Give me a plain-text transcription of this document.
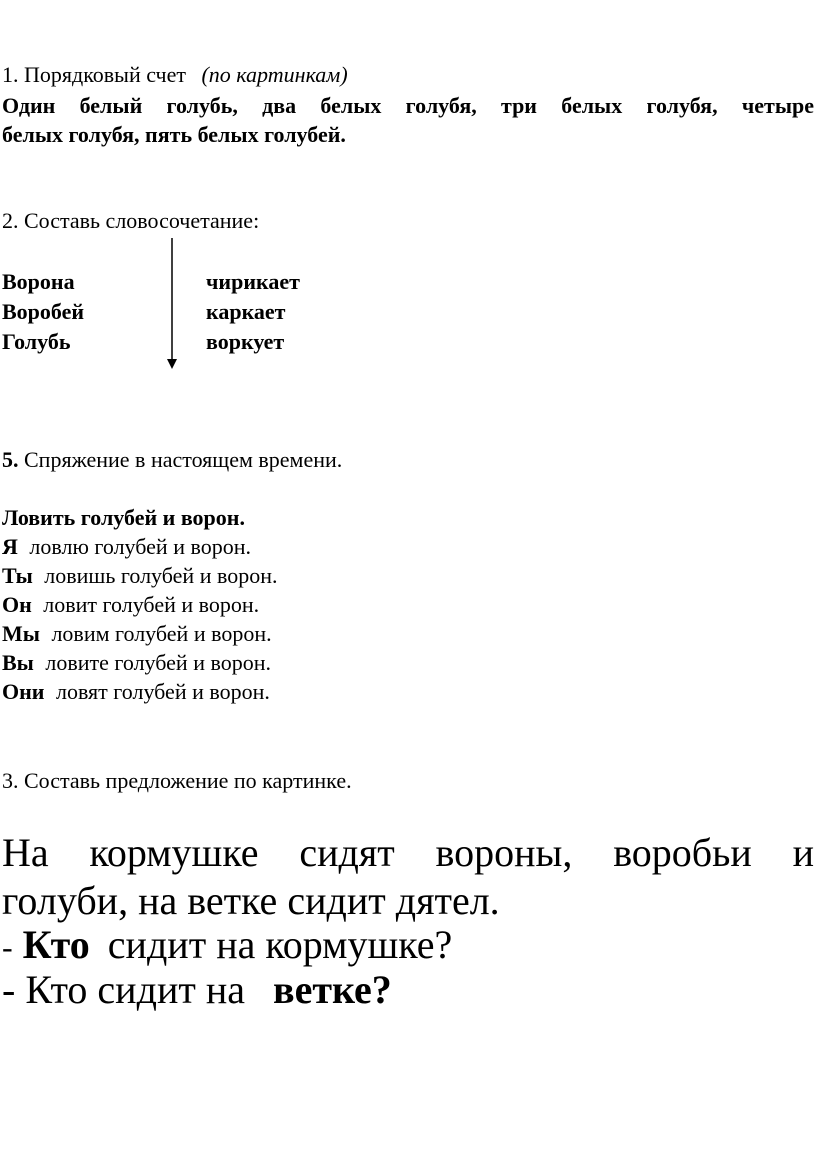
1. Порядковый счет (по картинкам)
Один белый голубь, два белых голубя, три белых голубя, четыре
белых голубя, пять белых голубей.
2. Составь словосочетание:
Ворона
Воробей
Голубь
чирикает
каркает
воркует
5. Спряжение в настоящем времени.
Ловить голубей и ворон.
Я ловлю голубей и ворон.
Ты ловишь голубей и ворон.
Он ловит голубей и ворон.
Мы ловим голубей и ворон.
Вы ловите голубей и ворон.
Они ловят голубей и ворон.
3. Составь предложение по картинке.
На кормушке сидят вороны, воробьи и
голуби, на ветке сидит дятел.
- Кто сидит на кормушке?
- Кто сидит на ветке?
